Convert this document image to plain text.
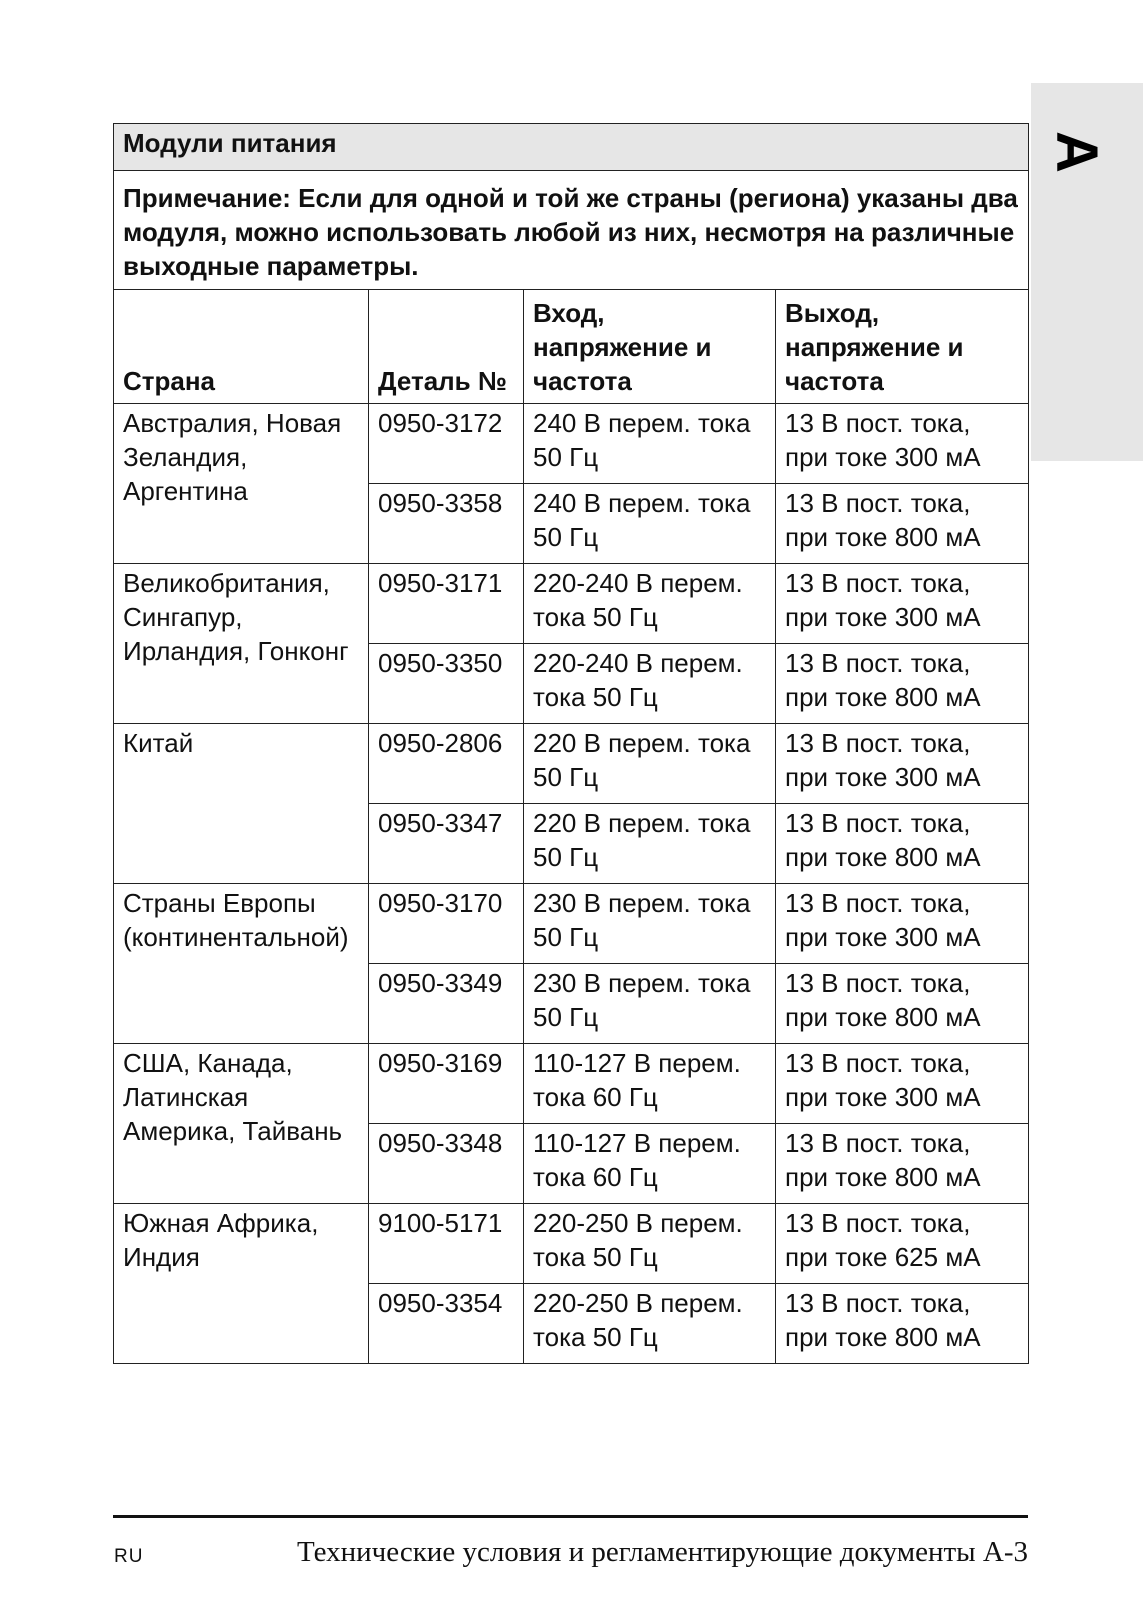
A
Модули питания			
Примечание: Если для одной и той же страны (региона) указаны два модуля, можно использовать любой из них, несмотря на различные выходные параметры.			
Страна	Деталь №	Вход, напряжение и частота	Выход, напряжение и частота
Австралия, Новая Зеландия, Аргентина	0950-3172	240 В перем. тока 50 Гц	13 В пост. тока, при токе 300 мА
	0950-3358	240 В перем. тока 50 Гц	13 В пост. тока, при токе 800 мА
Великобритания, Сингапур, Ирландия, Гонконг	0950-3171	220-240 В перем. тока 50 Гц	13 В пост. тока, при токе 300 мА
	0950-3350	220-240 В перем. тока 50 Гц	13 В пост. тока, при токе 800 мА
Китай	0950-2806	220 В перем. тока 50 Гц	13 В пост. тока, при токе 300 мА
	0950-3347	220 В перем. тока 50 Гц	13 В пост. тока, при токе 800 мА
Страны Европы (континентальной)	0950-3170	230 В перем. тока 50 Гц	13 В пост. тока, при токе 300 мА
	0950-3349	230 В перем. тока 50 Гц	13 В пост. тока, при токе 800 мА
США, Канада, Латинская Америка, Тайвань	0950-3169	110-127 В перем. тока 60 Гц	13 В пост. тока, при токе 300 мА
	0950-3348	110-127 В перем. тока 60 Гц	13 В пост. тока, при токе 800 мА
Южная Африка, Индия	9100-5171	220-250 В перем. тока 50 Гц	13 В пост. тока, при токе 625 мА
	0950-3354	220-250 В перем. тока 50 Гц	13 В пост. тока, при токе 800 мА
RU	Технические условия и регламентирующие документы А-3
